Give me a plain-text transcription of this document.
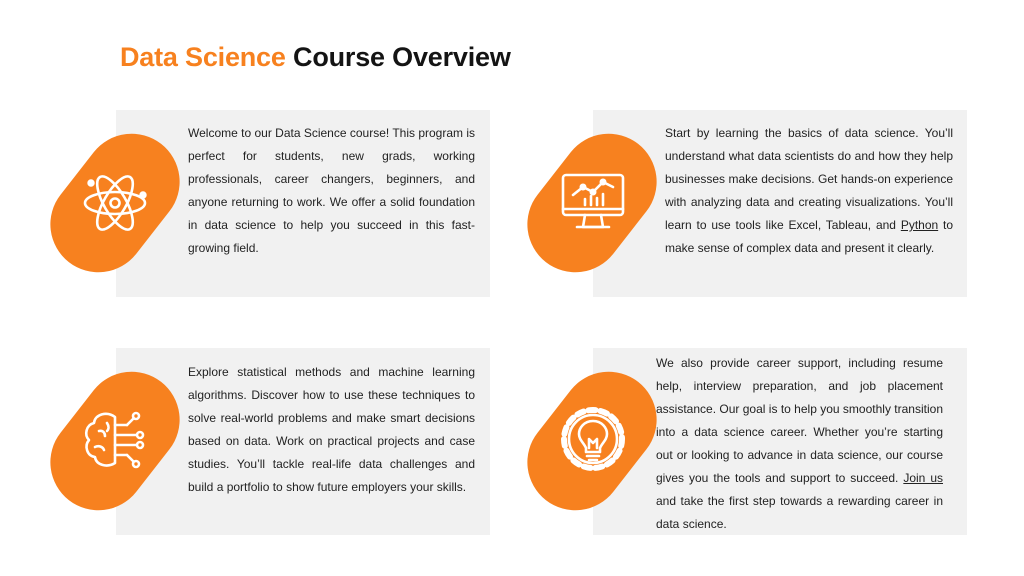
Data Science Course Overview
Welcome to our Data Science course! This program is perfect for students, new grads, working professionals, career changers, beginners, and anyone returning to work. We offer a solid foundation in data science to help you succeed in this fast-growing field.
Start by learning the basics of data science. You’ll understand what data scientists do and how they help businesses make decisions. Get hands-on experience with analyzing data and creating visualizations. You’ll learn to use tools like Excel, Tableau, and Python to make sense of complex data and present it clearly.
Explore statistical methods and machine learning algorithms. Discover how to use these techniques to solve real-world problems and make smart decisions based on data. Work on practical projects and case studies. You’ll tackle real-life data challenges and build a portfolio to show future employers your skills.
We also provide career support, including resume help, interview preparation, and job placement assistance. Our goal is to help you smoothly transition into a data science career. Whether you’re starting out or looking to advance in data science, our course gives you the tools and support to succeed. Join us and take the first step towards a rewarding career in data science.
